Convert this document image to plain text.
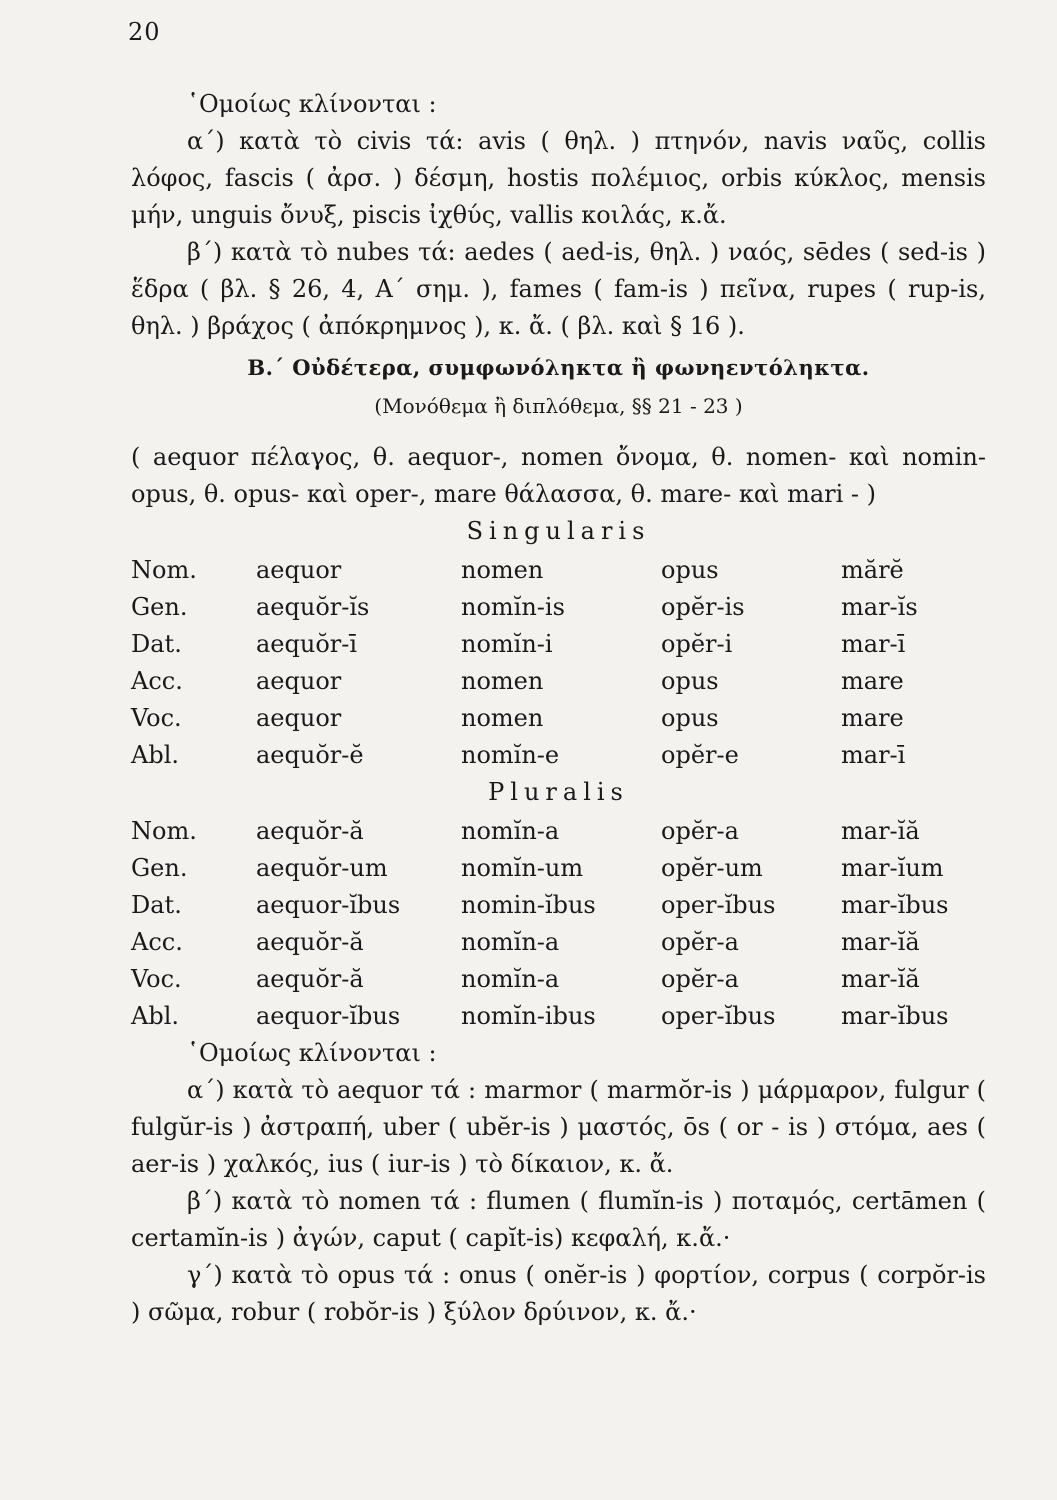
20

῾Ομοίως κλίνονται :

α΄) κατὰ τὸ civis τά: avis ( θηλ. ) πτηνόν, navis ναῦς, collis λόφος, fascis ( ἀρσ. ) δέσμη, hostis πολέμιος, orbis κύκλος, mensis μήν, unguis ὄνυξ, piscis ἰχθύς, vallis κοιλάς, κ.ἄ.

β΄) κατὰ τὸ nubes τά: aedes ( aed-is, θηλ. ) ναός, sēdes ( sed-is ) ἕδρα ( βλ. § 26, 4, Α΄ σημ. ), fames ( fam-is ) πεῖνα, rupes ( rup-is, θηλ. ) βράχος ( ἀπόκρημνος ), κ. ἄ. ( βλ. καὶ § 16 ).

Β.΄ Οὐδέτερα, συμφωνόληκτα ἢ φωνηεντόληκτα.

(Μονόθεμα ἢ διπλόθεμα, §§ 21 - 23 )

( aequor πέλαγος, θ. aequor-, nomen ὄνομα, θ. nomen- καὶ nomin-opus, θ. opus- καὶ oper-, mare θάλασσα, θ. mare- καὶ mari - )

Singularis

Nom.	aequor	nomen	opus	mărĕ
Gen.	aequŏr-ĭs	nomĭn-is	opĕr-is	mar-ĭs
Dat.	aequŏr-ī	nomĭn-i	opĕr-i	mar-ī
Acc.	aequor	nomen	opus	mare
Voc.	aequor	nomen	opus	mare
Abl.	aequŏr-ĕ	nomĭn-e	opĕr-e	mar-ī

Pluralis

Nom.	aequŏr-ă	nomĭn-a	opĕr-a	mar-ĭă
Gen.	aequŏr-um	nomĭn-um	opĕr-um	mar-ĭum
Dat.	aequor-ĭbus	nomin-ĭbus	oper-ĭbus	mar-ĭbus
Acc.	aequŏr-ă	nomĭn-a	opĕr-a	mar-ĭă
Voc.	aequŏr-ă	nomĭn-a	opĕr-a	mar-ĭă
Abl.	aequor-ĭbus	nomĭn-ibus	oper-ĭbus	mar-ĭbus

῾Ομοίως κλίνονται :

α΄) κατὰ τὸ aequor τά : marmor ( marmŏr-is ) μάρμαρον, fulgur ( fulgŭr-is ) ἀστραπή, uber ( ubĕr-is ) μαστός, ōs ( or - is ) στόμα, aes ( aer-is ) χαλκός, ius ( iur-is ) τὸ δίκαιον, κ. ἄ.

β΄) κατὰ τὸ nomen τά : flumen ( flumĭn-is ) ποταμός, certāmen ( certamĭn-is ) ἀγών, caput ( capĭt-is) κεφαλή, κ.ἄ.·

γ΄) κατὰ τὸ opus τά : onus ( onĕr-is ) φορτίον, corpus ( corpŏr-is ) σῶμα, robur ( robŏr-is ) ξύλον δρύινον, κ. ἄ.·
